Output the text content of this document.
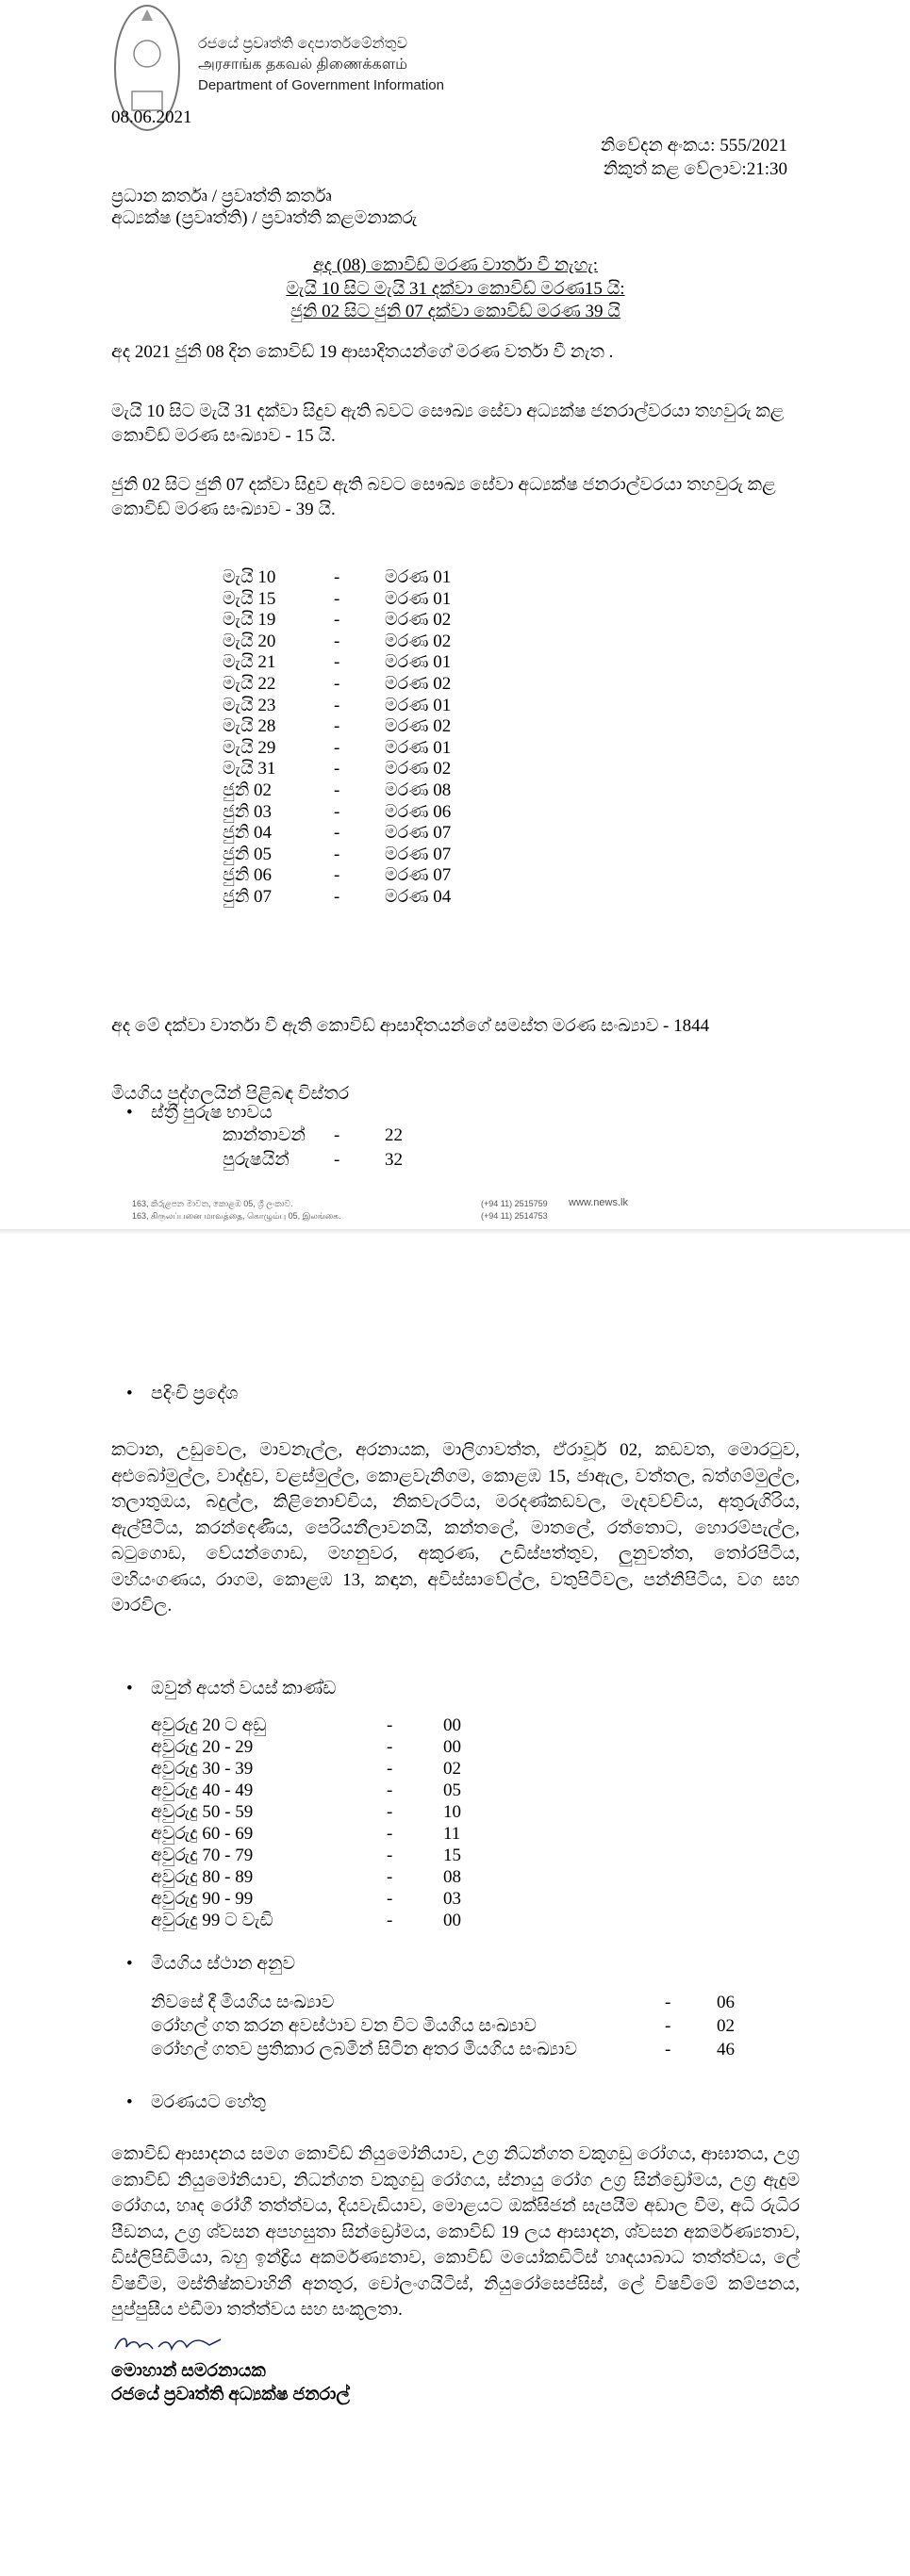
රජයේ ප්‍රවෘත්ති දෙපාර්තමේන්තුව
அரசாங்க தகவல் திணைக்களம்
Department of Government Information
08.06.2021
නිවේදන අංකය: 555/2021
නිකුත් කළ වේලාව:21:30
ප්‍රධාන කර්තෘ / ප්‍රවෘත්ති කර්තෘ
අධ්‍යක්ෂ (ප්‍රවෘත්ති) / ප්‍රවෘත්ති කළමනාකරු
අද (08) කොවිඩ් මරණ වාර්තා වී නැහැ:
මැයි 10 සිට මැයි 31 දක්වා කොවිඩ් මරණ15 යි:
ජුනි 02 සිට ජුනි 07 දක්වා කොවිඩ් මරණ 39 යි
අද 2021 ජුනි 08 දින කොවිඩ් 19 ආසාදිතයන්ගේ මරණ වර්තා වී නැත .
මැයි 10 සිට මැයි 31 දක්වා සිදුව ඇති බවට සෞඛ්‍ය සේවා අධ්‍යක්ෂ ජනරාල්වරයා තහවුරු කළ කොවිඩ් මරණ සංඛ්‍යාව - 15 යි.
ජුනි 02 සිට ජුනි 07 දක්වා සිදුව ඇති බවට සෞඛ්‍ය සේවා අධ්‍යක්ෂ ජනරාල්වරයා තහවුරු කළ කොවිඩ් මරණ සංඛ්‍යාව - 39 යි.
මැයි 10	-	මරණ 01
මැයි 15	-	මරණ 01
මැයි 19	-	මරණ 02
මැයි 20	-	මරණ 02
මැයි 21	-	මරණ 01
මැයි 22	-	මරණ 02
මැයි 23	-	මරණ 01
මැයි 28	-	මරණ 02
මැයි 29	-	මරණ 01
මැයි 31	-	මරණ 02
ජුනි 02	-	මරණ 08
ජුනි 03	-	මරණ 06
ජුනි 04	-	මරණ 07
ජුනි 05	-	මරණ 07
ජුනි 06	-	මරණ 07
ජුනි 07	-	මරණ 04
අද මේ දක්වා වාර්තා වී ඇති කොවිඩ් ආසාදිතයන්ගේ සමස්ත මරණ සංඛ්‍යාව - 1844
මියගිය පුද්ගලයින් පිළිබඳ විස්තර
• ස්ත්‍රී පුරුෂ භාවය
කාන්තාවන් -	22
පුරුෂයින් -	32
163, කිරුළපන මාවත, කොළඹ 05, ශ්‍රී ලංකාව.
163, கிருலப்பனை மாவத்தை, கொழும்பு 05, இலங்கை.
(+94 11) 2515759
(+94 11) 2514753
www.news.lk
• පදිංචි ප්‍රදේශ
කටාන, උඩුවෙල, මාවනැල්ල, අරනායක, මාලිගාවත්ත, ඒරාවූර් 02, කඩවත, මොරටුව, අළුබෝමුල්ල, වාද්දුව, වළස්මුල්ල, කොළවැනිගම, කොළඹ 15, ජාඇල, වත්තල, බත්ගම්මුල්ල, තලාතුඔය, බදුල්ල, කිළිනොච්චිය, නිකවැරටිය, මරදණ්කඩවල, මැදවච්චිය, අතුරුගිරිය, ඇල්පිටිය, කරන්දෙණිය, පෙරියනීලාවනයි, කන්තලේ, මාතලේ, රත්තොට, හොරම්පැල්ල, බටුගොඩ, වේයන්ගොඩ, මහනුවර, අකුරණ, උඩිස්පත්තුව, ලුනුවත්ත, තෝරපිටිය, මහියංගණය, රාගම, කොළඹ 13, කඳාන, අවිස්සාවේල්ල, වතුපිටිවල, පන්නිපිටිය, වග සහ මාරවිල.
• ඔවුන් අයත් වයස් කාණ්ඩ
අවුරුදු 20 ට අඩු	-	00
අවුරුදු 20 - 29	-	00
අවුරුදු 30 - 39	-	02
අවුරුදු 40 - 49	-	05
අවුරුදු 50 - 59	-	10
අවුරුදු 60 - 69	-	11
අවුරුදු 70 - 79	-	15
අවුරුදු 80 - 89	-	08
අවුරුදු 90 - 99	-	03
අවුරුදු 99 ට වැඩි	-	00
• මියගිය ස්ථාන අනුව
නිවසේ දී මියගිය සංඛ්‍යාව	-	06
රෝහල් ගත කරන අවස්ථාව වන විට මියගිය සංඛ්‍යාව	-	02
රෝහල් ගතව ප්‍රතිකාර ලබමින් සිටින අතර මියගිය සංඛ්‍යාව	-	46
• මරණයට හේතු
කොවිඩ් ආසාදනය සමග කොවිඩ් නියුමෝනියාව, උග්‍ර නිධන්ගත වකුගඩු රෝගය, ආඝාතය, උග්‍ර කොවිඩ් නියුමෝනියාව, නිධන්ගත වකුගඩු රෝගය, ස්නායු රෝග උග්‍ර සින්ඩ්‍රෝමය, උග්‍ර ඇදුම රෝගය, හෘද රෝගී තත්ත්වය, දියවැඩියාව, මොළයට ඔක්සිජන් සැපයීම අඩාල වීම, අධි රුධිර පීඩනය, උග්‍ර ශ්වසන අපහසුතා සින්ඩ්‍රෝමය, කොවිඩ් 19 ලය ආසාදන, ශ්වසන අකර්මණ්‍යතාව, ඩිස්ලිපිඩිමියා, බහු ඉන්ද්‍රිය අකර්මණ්‍යතාව, කොවිඩ් මයෝකඩිටිස් හෘදයාබාධ තත්ත්වය, ලේ විෂවීම, මස්තිෂ්කවාහිනී අනතුර, චෝලංගයිටිස්, නියුරෝසෙප්සිස්, ලේ විෂවීමේ කම්පනය, පුප්පුසීය එඩීමා තත්ත්වය සහ සංකූලතා.
මොහාන් සමරනායක
රජයේ ප්‍රවෘත්ති අධ්‍යක්ෂ ජනරාල්
